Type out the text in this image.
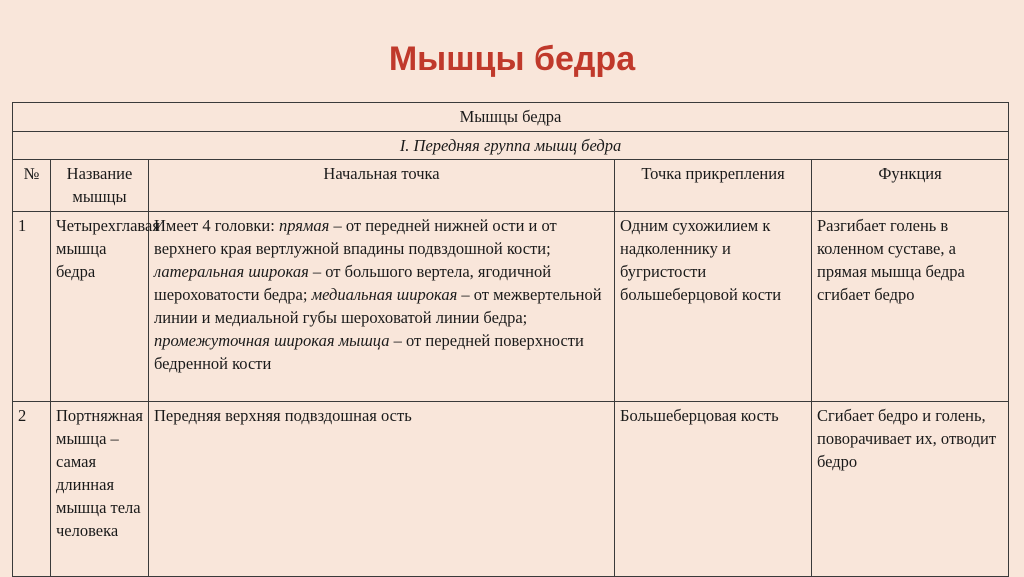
Мышцы бедра
Мышцы бедра				
I. Передняя группа мышц бедра				
№	Название мышцы	Начальная точка	Точка прикрепления	Функция
1	Четырехглавая мышца бедра	Имеет 4 головки: прямая – от передней нижней ости и от верхнего края вертлужной впадины подвздошной кости; латеральная широкая – от большого вертела, ягодичной шероховатости бедра; медиальная широкая – от межвертельной линии и медиальной губы шероховатой линии бедра; промежуточная широкая мышца – от передней поверхности бедренной кости	Одним сухожилием к надколеннику и бугристости большеберцовой кости	Разгибает голень в коленном суставе, а прямая мышца бедра сгибает бедро
2	Портняжная мышца – самая длинная мышца тела человека	Передняя верхняя подвздошная ость	Большеберцовая кость	Сгибает бедро и голень, поворачивает их, отводит бедро
